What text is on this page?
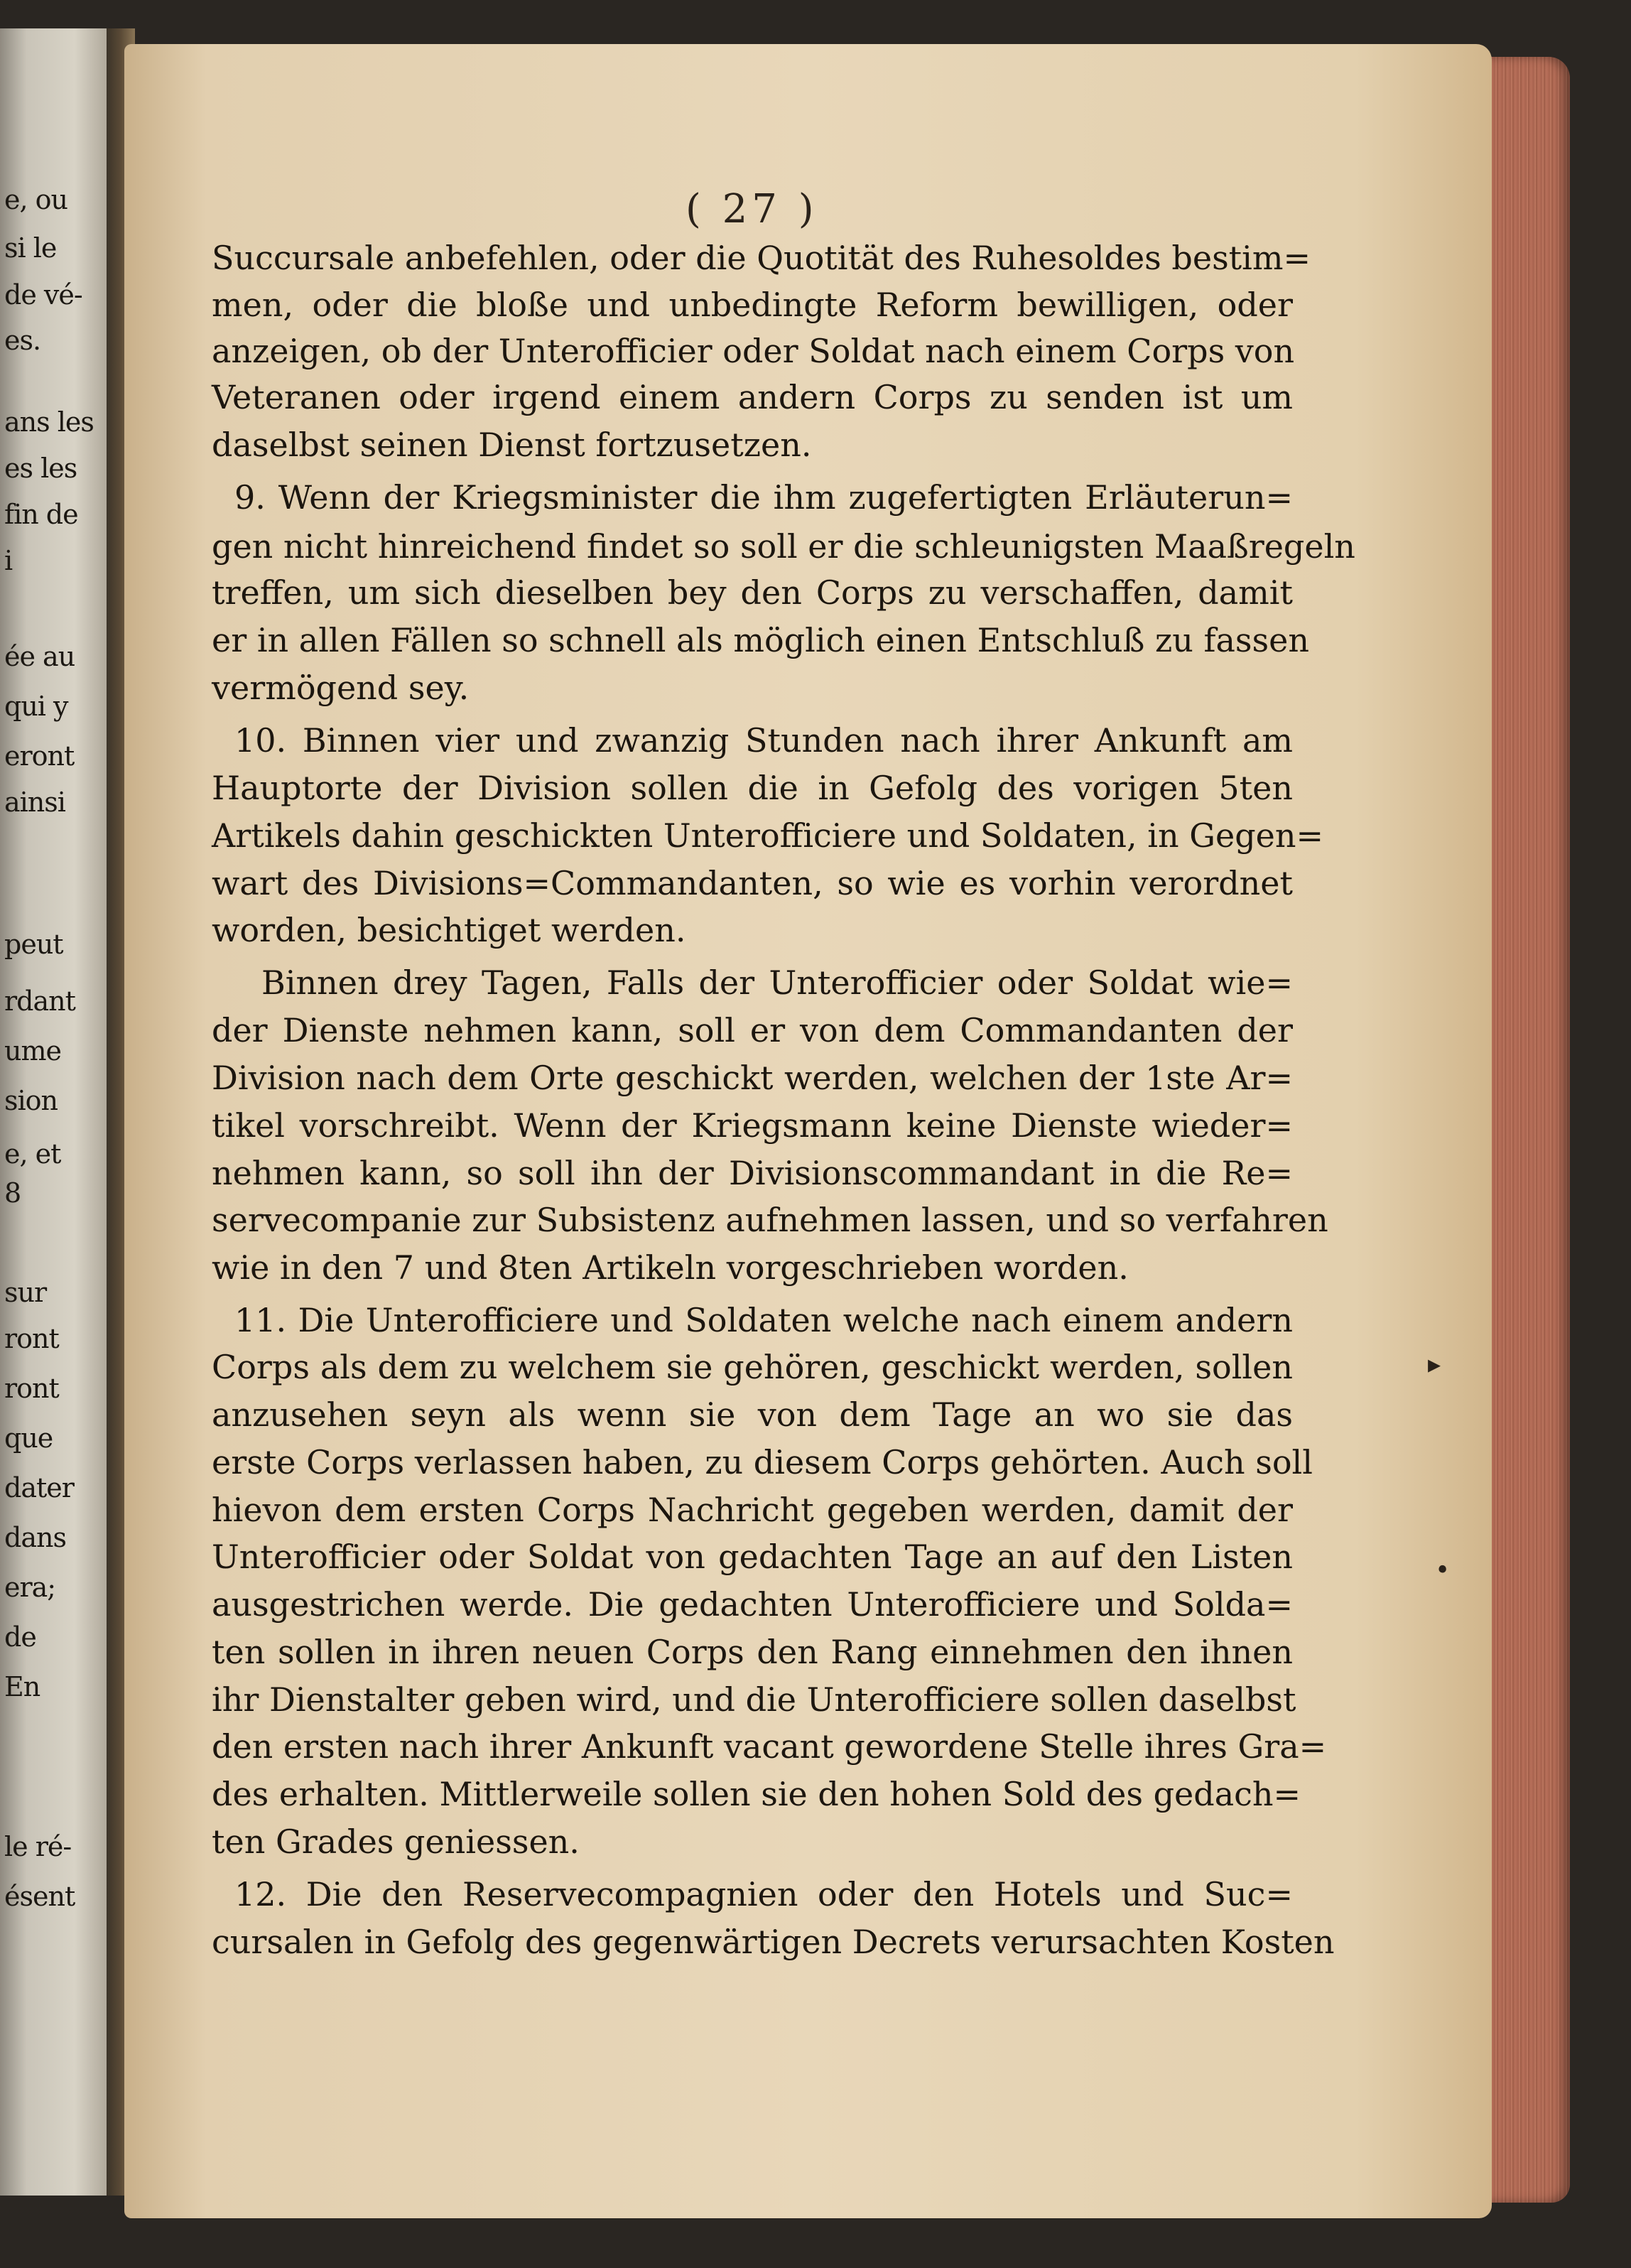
e, ou
si le
de vé-
es.
ans les
es les
fin de
i
ée au
qui y
eront
ainsi
peut
rdant
ume
sion
e, et
8
sur
ront
ront
que
dater
dans
era;
de
En
le ré-
ésent
( 27 )
Succursale anbefehlen, oder die Quotität des Ruhesoldes bestim=
men, oder die bloße und unbedingte Reform bewilligen, oder
anzeigen, ob der Unterofficier oder Soldat nach einem Corps von
Veteranen oder irgend einem andern Corps zu senden ist um
daselbst seinen Dienst fortzusetzen.
9. Wenn der Kriegsminister die ihm zugefertigten Erläuterun=
gen nicht hinreichend findet so soll er die schleunigsten Maaßregeln
treffen, um sich dieselben bey den Corps zu verschaffen, damit
er in allen Fällen so schnell als möglich einen Entschluß zu fassen
vermögend sey.
10. Binnen vier und zwanzig Stunden nach ihrer Ankunft am
Hauptorte der Division sollen die in Gefolg des vorigen 5ten
Artikels dahin geschickten Unterofficiere und Soldaten, in Gegen=
wart des Divisions=Commandanten, so wie es vorhin verordnet
worden, besichtiget werden.
Binnen drey Tagen, Falls der Unterofficier oder Soldat wie=
der Dienste nehmen kann, soll er von dem Commandanten der
Division nach dem Orte geschickt werden, welchen der 1ste Ar=
tikel vorschreibt. Wenn der Kriegsmann keine Dienste wieder=
nehmen kann, so soll ihn der Divisionscommandant in die Re=
servecompanie zur Subsistenz aufnehmen lassen, und so verfahren
wie in den 7 und 8ten Artikeln vorgeschrieben worden.
11. Die Unterofficiere und Soldaten welche nach einem andern
Corps als dem zu welchem sie gehören, geschickt werden, sollen
anzusehen seyn als wenn sie von dem Tage an wo sie das
erste Corps verlassen haben, zu diesem Corps gehörten. Auch soll
hievon dem ersten Corps Nachricht gegeben werden, damit der
Unterofficier oder Soldat von gedachten Tage an auf den Listen
ausgestrichen werde. Die gedachten Unterofficiere und Solda=
ten sollen in ihren neuen Corps den Rang einnehmen den ihnen
ihr Dienstalter geben wird, und die Unterofficiere sollen daselbst
den ersten nach ihrer Ankunft vacant gewordene Stelle ihres Gra=
des erhalten. Mittlerweile sollen sie den hohen Sold des gedach=
ten Grades geniessen.
12. Die den Reservecompagnien oder den Hotels und Suc=
cursalen in Gefolg des gegenwärtigen Decrets verursachten Kosten
▸
•
